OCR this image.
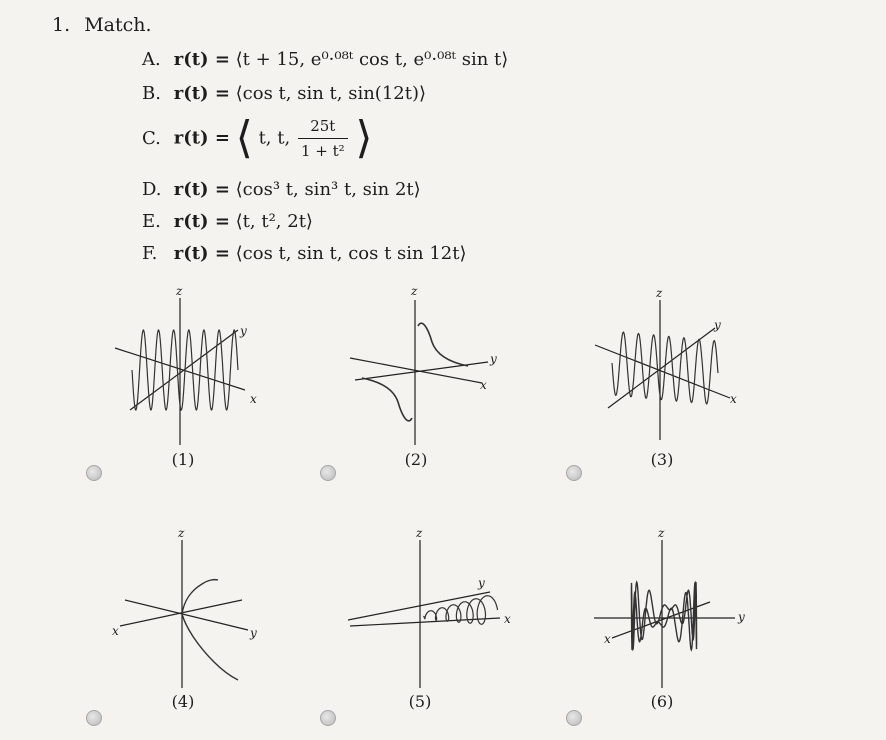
1. Match.
A. r(t) = ⟨t + 15, e⁰·⁰⁸ᵗ cos t, e⁰·⁰⁸ᵗ sin t⟩
B. r(t) = ⟨cos t, sin t, sin(12t)⟩
C. r(t) = ⟨ t, t, $\frac{25t}{\text{1 + t²}}$ ⟩
D. r(t) = ⟨cos³ t, sin³ t, sin 2t⟩
E. r(t) = ⟨t, t², 2t⟩
F. r(t) = ⟨cos t, sin t, cos t sin 12t⟩
z
y
x
(1)
z
y
x
(2)
z
y
x
(3)
z
y
x
(4)
z
y
x
(5)
z
y
x
(6)
